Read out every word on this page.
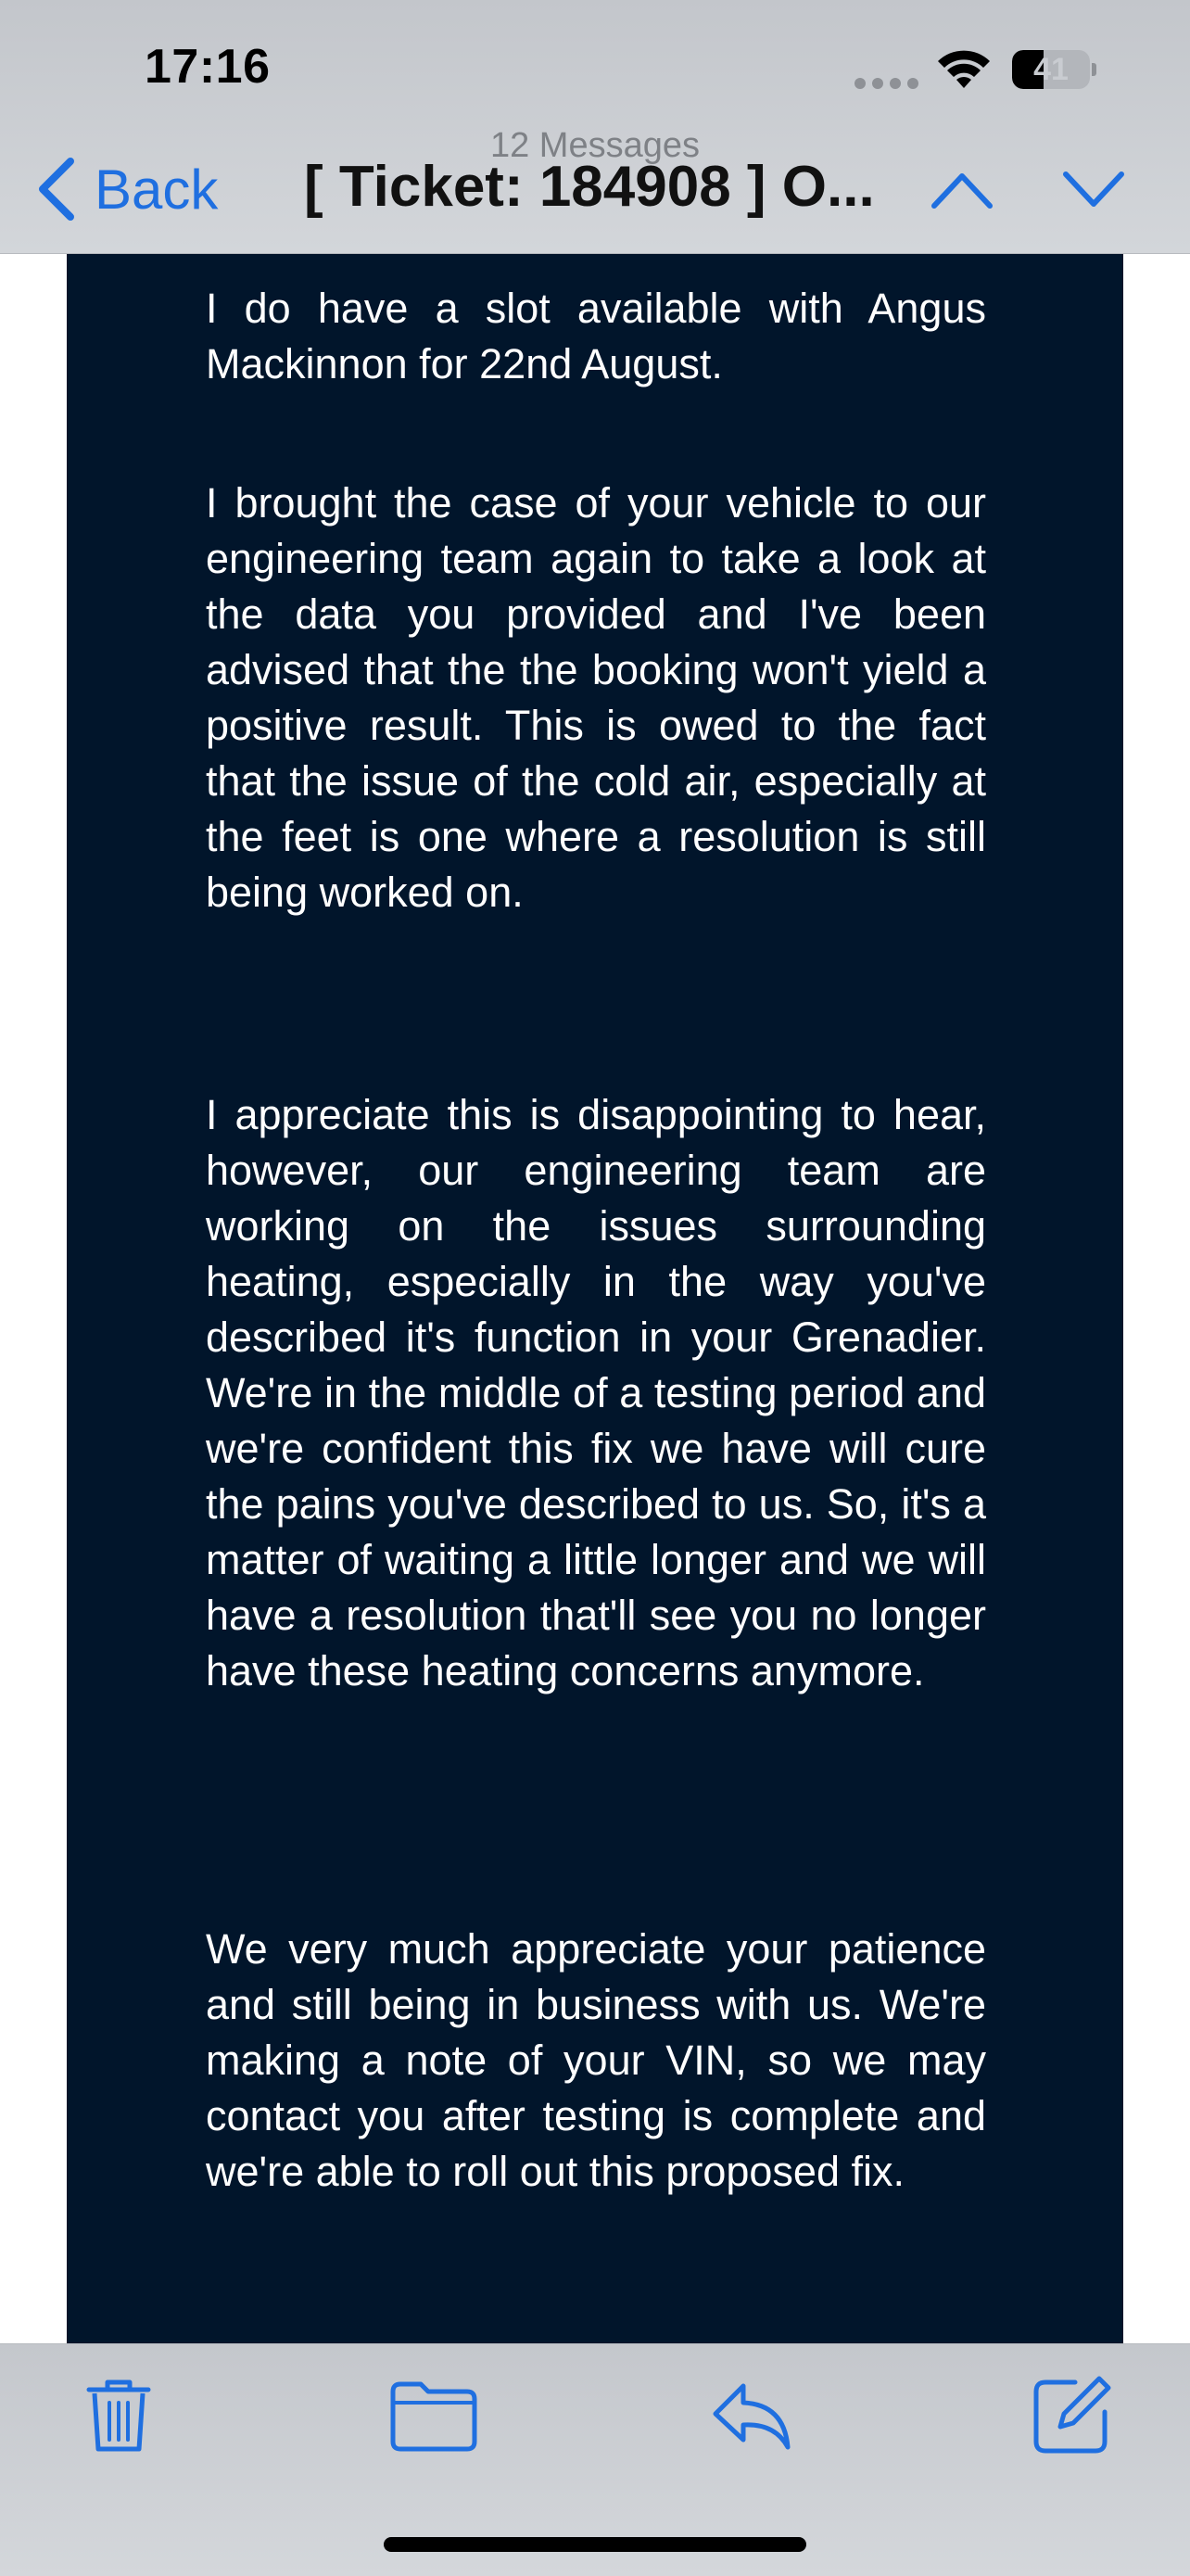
17:16	41
12 Messages
Back [ Ticket: 184908 ] O...

I do have a slot available with Angus Mackinnon for 22nd August.

I brought the case of your vehicle to our engineering team again to take a look at the data you provided and I've been advised that the the booking won't yield a positive result. This is owed to the fact that the issue of the cold air, especially at the feet is one where a resolution is still being worked on.

I appreciate this is disappointing to hear, however, our engineering team are working on the issues surrounding heating, especially in the way you've described it's function in your Grenadier. We're in the middle of a testing period and we're confident this fix we have will cure the pains you've described to us. So, it's a matter of waiting a little longer and we will have a resolution that'll see you no longer have these heating concerns anymore.

We very much appreciate your patience and still being in business with us. We're making a note of your VIN, so we may contact you after testing is complete and we're able to roll out this proposed fix.
